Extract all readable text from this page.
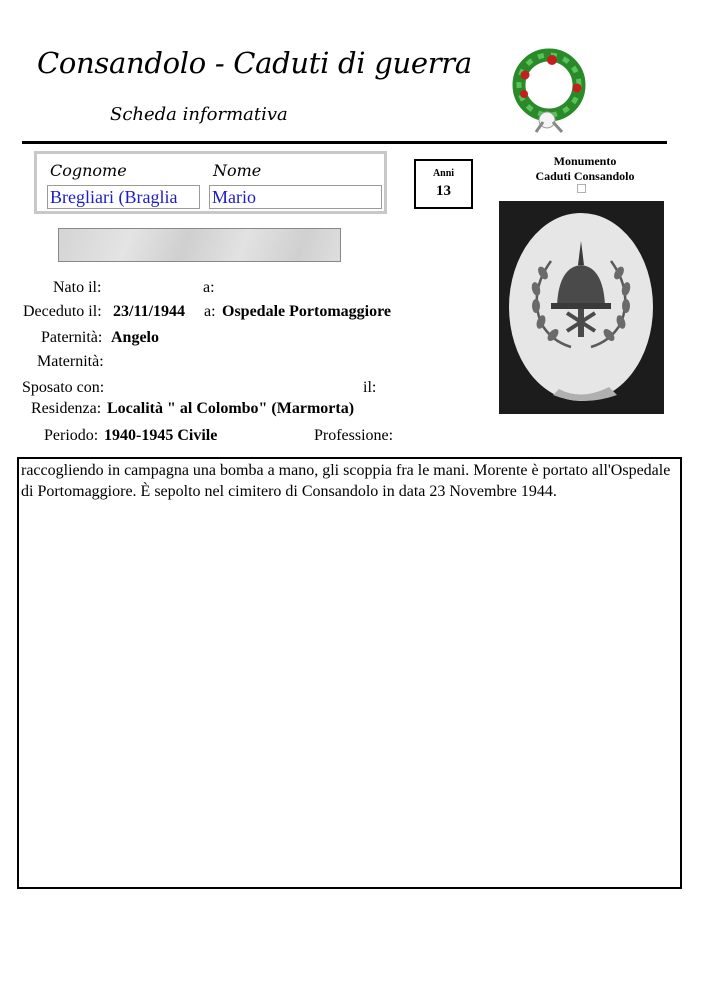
Consandolo - Caduti di guerra
Scheda informativa
Cognome	Nome
Bregliari (Braglia	Mario
Anni
13
Monumento
Caduti Consandolo
Nato il:	a:
Deceduto il: 23/11/1944 a: Ospedale Portomaggiore
Paternità: Angelo
Maternità:
Sposato con:	il:
Residenza: Località " al Colombo" (Marmorta)
Periodo: 1940-1945 Civile	Professione:
raccogliendo in campagna una bomba a mano, gli scoppia fra le mani. Morente è portato all'Ospedale di Portomaggiore. È sepolto nel cimitero di Consandolo in data 23 Novembre 1944.
